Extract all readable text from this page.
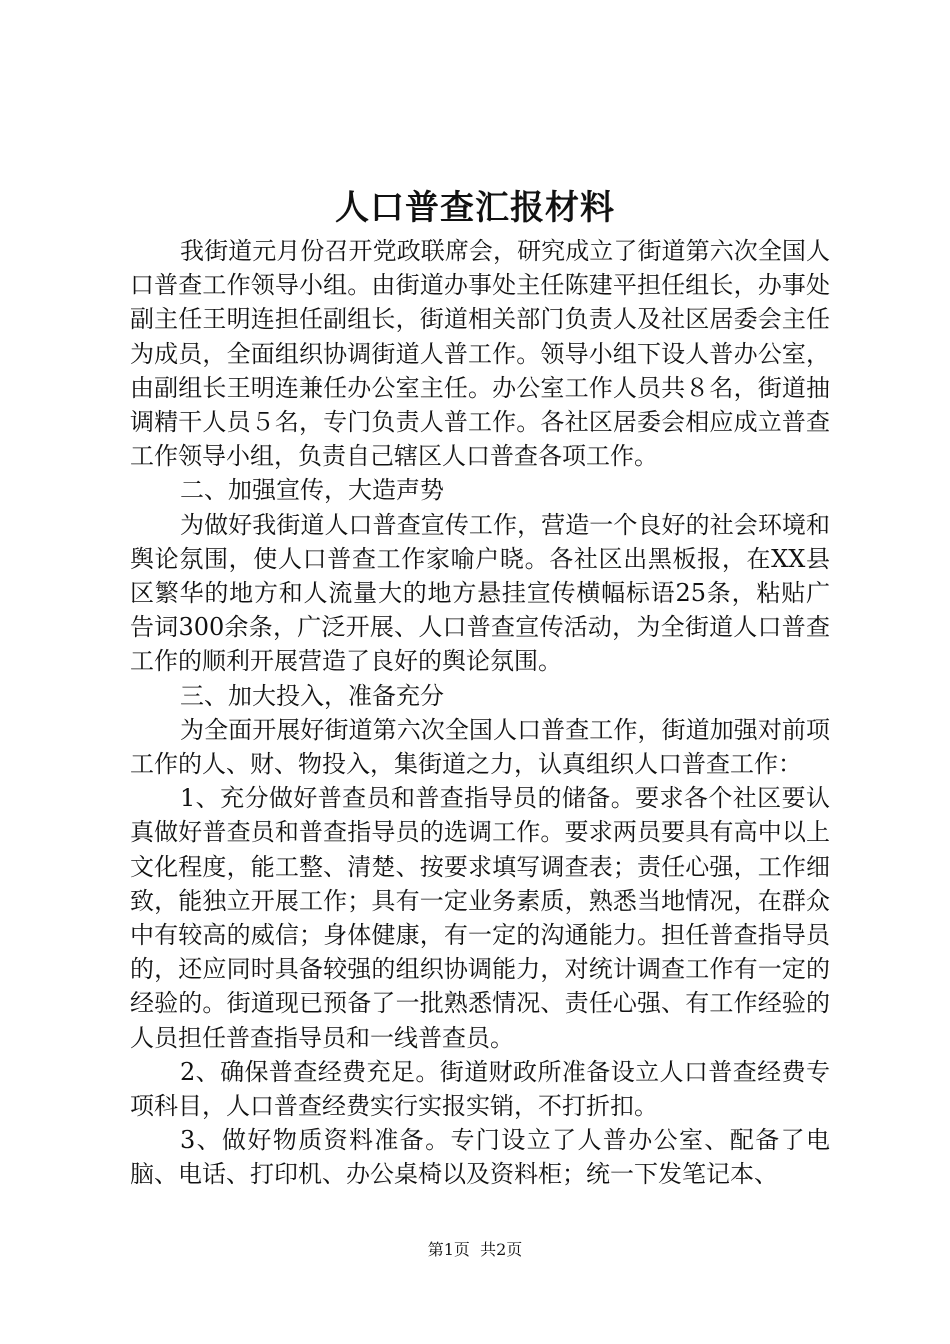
人口普查汇报材料

我街道元月份召开党政联席会，研究成立了街道第六次全国人口普查工作领导小组。由街道办事处主任陈建平担任组长，办事处副主任王明连担任副组长，街道相关部门负责人及社区居委会主任为成员，全面组织协调街道人普工作。领导小组下设人普办公室，由副组长王明连兼任办公室主任。办公室工作人员共８名，街道抽调精干人员５名，专门负责人普工作。各社区居委会相应成立普查工作领导小组，负责自己辖区人口普查各项工作。

二、加强宣传，大造声势

为做好我街道人口普查宣传工作，营造一个良好的社会环境和舆论氛围，使人口普查工作家喻户晓。各社区出黑板报，在XX县区繁华的地方和人流量大的地方悬挂宣传横幅标语25条，粘贴广告词300余条，广泛开展、人口普查宣传活动，为全街道人口普查工作的顺利开展营造了良好的舆论氛围。

三、加大投入，准备充分

为全面开展好街道第六次全国人口普查工作，街道加强对前项工作的人、财、物投入，集街道之力，认真组织人口普查工作：

1、充分做好普查员和普查指导员的储备。要求各个社区要认真做好普查员和普查指导员的选调工作。要求两员要具有高中以上文化程度，能工整、清楚、按要求填写调查表；责任心强，工作细致，能独立开展工作；具有一定业务素质，熟悉当地情况，在群众中有较高的威信；身体健康，有一定的沟通能力。担任普查指导员的，还应同时具备较强的组织协调能力，对统计调查工作有一定的经验的。街道现已预备了一批熟悉情况、责任心强、有工作经验的人员担任普查指导员和一线普查员。

2、确保普查经费充足。街道财政所准备设立人口普查经费专项科目，人口普查经费实行实报实销，不打折扣。

3、做好物质资料准备。专门设立了人普办公室、配备了电脑、电话、打印机、办公桌椅以及资料柜；统一下发笔记本、

第1页 共2页
